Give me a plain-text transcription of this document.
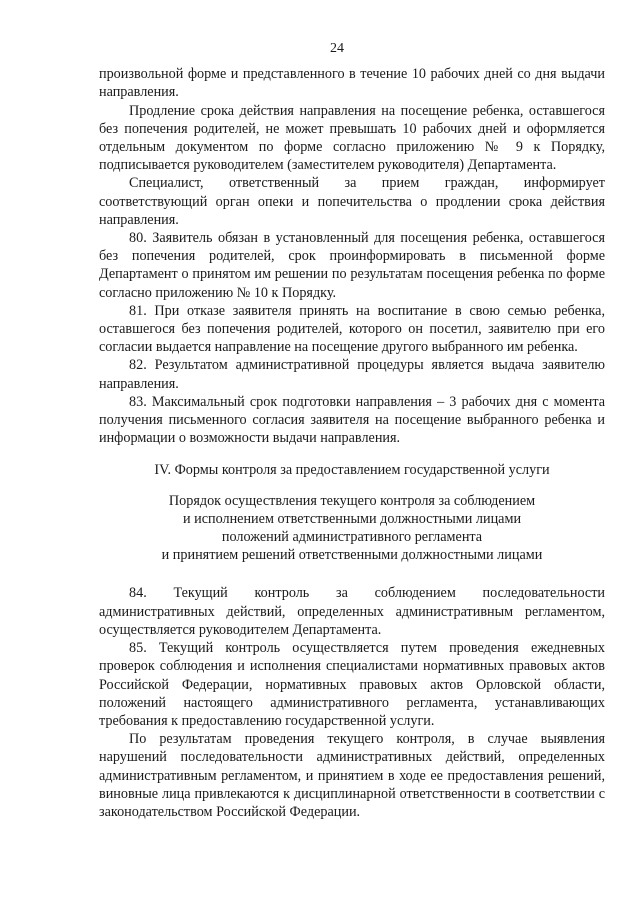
24

произвольной форме и представленного в течение 10 рабочих дней со дня выдачи направления.

Продление срока действия направления на посещение ребенка, оставшегося без попечения родителей, не может превышать 10 рабочих дней и оформляется отдельным документом по форме согласно приложению № 9 к Порядку, подписывается руководителем (заместителем руководителя) Департамента.

Специалист, ответственный за прием граждан, информирует соответствующий орган опеки и попечительства о продлении срока действия направления.

80. Заявитель обязан в установленный для посещения ребенка, оставшегося без попечения родителей, срок проинформировать в письменной форме Департамент о принятом им решении по результатам посещения ребенка по форме согласно приложению № 10 к Порядку.

81. При отказе заявителя принять на воспитание в свою семью ребенка, оставшегося без попечения родителей, которого он посетил, заявителю при его согласии выдается направление на посещение другого выбранного им ребенка.

82. Результатом административной процедуры является выдача заявителю направления.

83. Максимальный срок подготовки направления – 3 рабочих дня с момента получения письменного согласия заявителя на посещение выбранного ребенка и информации о возможности выдачи направления.

IV. Формы контроля за предоставлением государственной услуги
Порядок осуществления текущего контроля за соблюдением
и исполнением ответственными должностными лицами
положений административного регламента
и принятием решений ответственными должностными лицами

84. Текущий контроль за соблюдением последовательности административных действий, определенных административным регламентом, осуществляется руководителем Департамента.

85. Текущий контроль осуществляется путем проведения ежедневных проверок соблюдения и исполнения специалистами нормативных правовых актов Российской Федерации, нормативных правовых актов Орловской области, положений настоящего административного регламента, устанавливающих требования к предоставлению государственной услуги.

По результатам проведения текущего контроля, в случае выявления нарушений последовательности административных действий, определенных административным регламентом, и принятием в ходе ее предоставления решений, виновные лица привлекаются к дисциплинарной ответственности в соответствии с законодательством Российской Федерации.
